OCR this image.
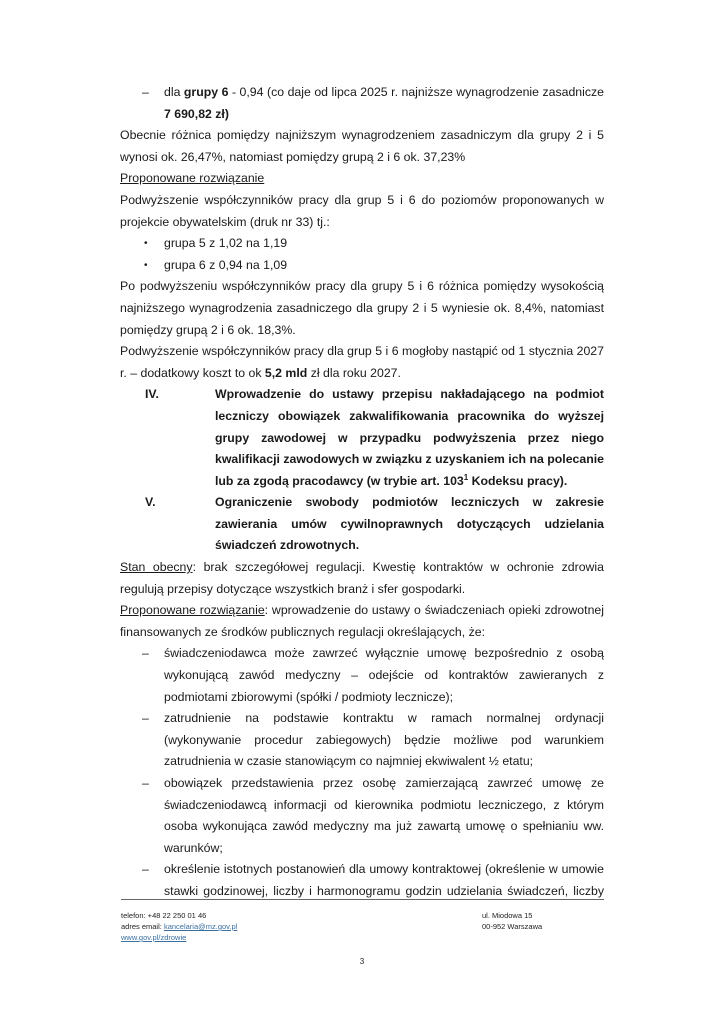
– dla grupy 6 - 0,94 (co daje od lipca 2025 r. najniższe wynagrodzenie zasadnicze 7 690,82 zł)

Obecnie różnica pomiędzy najniższym wynagrodzeniem zasadniczym dla grupy 2 i 5 wynosi ok. 26,47%, natomiast pomiędzy grupą 2 i 6 ok. 37,23%

Proponowane rozwiązanie

Podwyższenie współczynników pracy dla grup 5 i 6 do poziomów proponowanych w projekcie obywatelskim (druk nr 33) tj.:

• grupa 5 z 1,02 na 1,19
• grupa 6 z 0,94 na 1,09

Po podwyższeniu współczynników pracy dla grupy 5 i 6 różnica pomiędzy wysokością najniższego wynagrodzenia zasadniczego dla grupy 2 i 5 wyniesie ok. 8,4%, natomiast pomiędzy grupą 2 i 6 ok. 18,3%.

Podwyższenie współczynników pracy dla grup 5 i 6 mogłoby nastąpić od 1 stycznia 2027 r. – dodatkowy koszt to ok 5,2 mld zł dla roku 2027.

IV.	Wprowadzenie do ustawy przepisu nakładającego na podmiot leczniczy obowiązek zakwalifikowania pracownika do wyższej grupy zawodowej w przypadku podwyższenia przez niego kwalifikacji zawodowych w związku z uzyskaniem ich na polecanie lub za zgodą pracodawcy (w trybie art. $103^1$ Kodeksu pracy).
V.	Ograniczenie swobody podmiotów leczniczych w zakresie zawierania umów cywilnoprawnych dotyczących udzielania świadczeń zdrowotnych.

Stan obecny: brak szczegółowej regulacji. Kwestię kontraktów w ochronie zdrowia regulują przepisy dotyczące wszystkich branż i sfer gospodarki.

Proponowane rozwiązanie: wprowadzenie do ustawy o świadczeniach opieki zdrowotnej finansowanych ze środków publicznych regulacji określających, że:

– świadczeniodawca może zawrzeć wyłącznie umowę bezpośrednio z osobą wykonującą zawód medyczny – odejście od kontraktów zawieranych z podmiotami zbiorowymi (spółki / podmioty lecznicze);
– zatrudnienie na podstawie kontraktu w ramach normalnej ordynacji (wykonywanie procedur zabiegowych) będzie możliwe pod warunkiem zatrudnienia w czasie stanowiącym co najmniej ekwiwalent ½ etatu;
– obowiązek przedstawienia przez osobę zamierzającą zawrzeć umowę ze świadczeniodawcą informacji od kierownika podmiotu leczniczego, z którym osoba wykonująca zawód medyczny ma już zawartą umowę o spełnianiu ww. warunków;
– określenie istotnych postanowień dla umowy kontraktowej (określenie w umowie stawki godzinowej, liczby i harmonogramu godzin udzielania świadczeń, liczby
telefon: +48 22 250 01 46
adres email: kancelaria@mz.gov.pl
www.gov.pl/zdrowie
ul. Miodowa 15
00-952 Warszawa
3
